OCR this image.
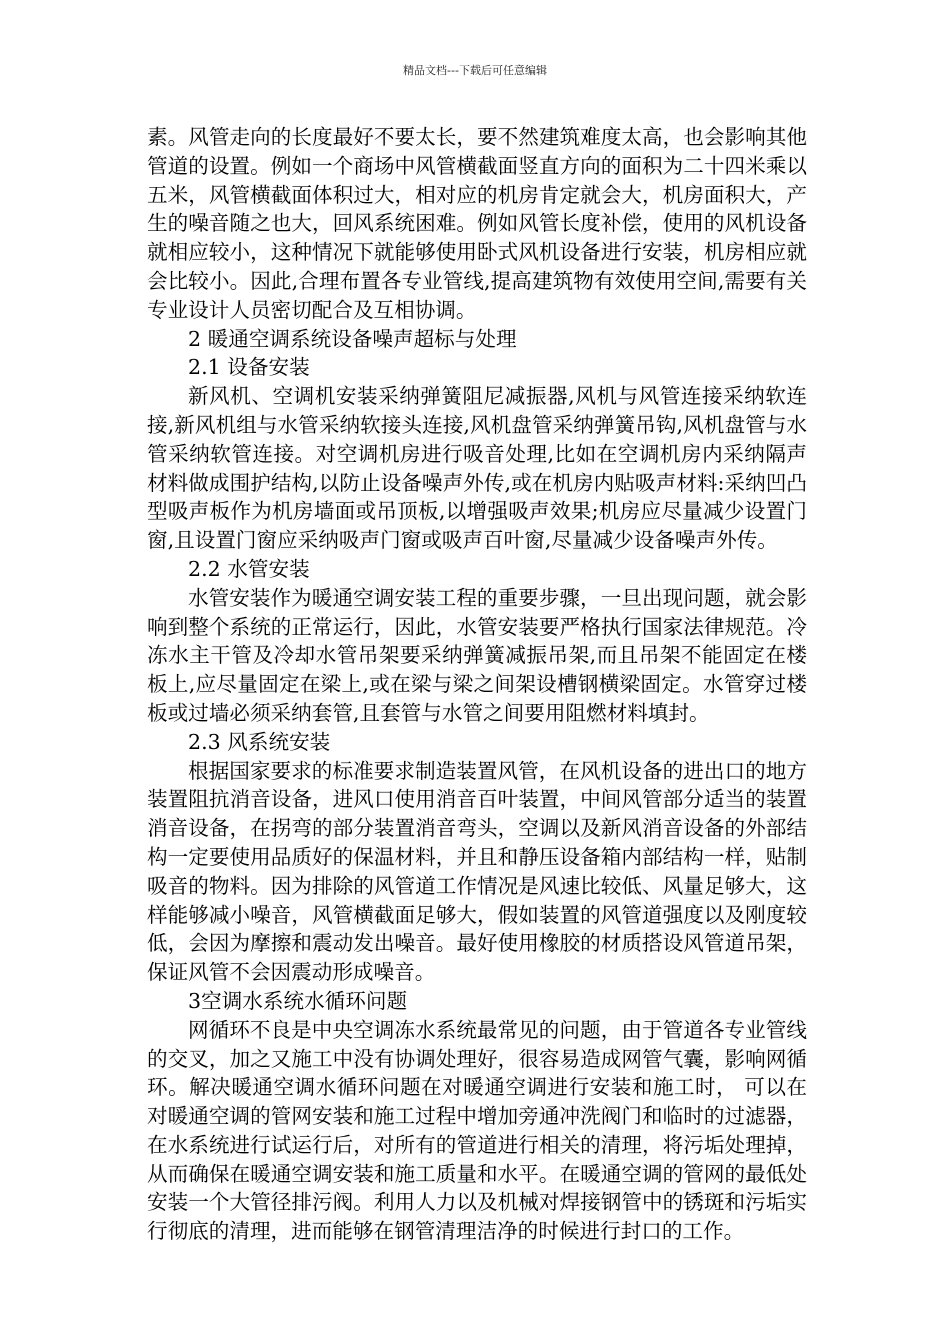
精品文档---下载后可任意编辑

素。风管走向的长度最好不要太长，要不然建筑难度太高，也会影响其他管道的设置。例如一个商场中风管横截面竖直方向的面积为二十四米乘以五米，风管横截面体积过大，相对应的机房肯定就会大，机房面积大，产生的噪音随之也大，回风系统困难。例如风管长度补偿，使用的风机设备就相应较小，这种情况下就能够使用卧式风机设备进行安装，机房相应就会比较小。因此,合理布置各专业管线,提高建筑物有效使用空间,需要有关专业设计人员密切配合及互相协调。

2 暖通空调系统设备噪声超标与处理

2.1 设备安装

新风机、空调机安装采纳弹簧阻尼减振器,风机与风管连接采纳软连接,新风机组与水管采纳软接头连接,风机盘管采纳弹簧吊钩,风机盘管与水管采纳软管连接。对空调机房进行吸音处理,比如在空调机房内采纳隔声材料做成围护结构,以防止设备噪声外传,或在机房内贴吸声材料:采纳凹凸型吸声板作为机房墙面或吊顶板,以增强吸声效果;机房应尽量减少设置门窗,且设置门窗应采纳吸声门窗或吸声百叶窗,尽量减少设备噪声外传。

2.2 水管安装

水管安装作为暖通空调安装工程的重要步骤，一旦出现问题，就会影响到整个系统的正常运行，因此，水管安装要严格执行国家法律规范。冷冻水主干管及冷却水管吊架要采纳弹簧减振吊架,而且吊架不能固定在楼板上,应尽量固定在梁上,或在梁与梁之间架设槽钢横梁固定。水管穿过楼板或过墙必须采纳套管,且套管与水管之间要用阻燃材料填封。

2.3 风系统安装

根据国家要求的标准要求制造装置风管，在风机设备的进出口的地方装置阻抗消音设备，进风口使用消音百叶装置，中间风管部分适当的装置消音设备，在拐弯的部分装置消音弯头，空调以及新风消音设备的外部结构一定要使用品质好的保温材料，并且和静压设备箱内部结构一样，贴制吸音的物料。因为排除的风管道工作情况是风速比较低、风量足够大，这样能够减小噪音，风管横截面足够大，假如装置的风管道强度以及刚度较低，会因为摩擦和震动发出噪音。最好使用橡胶的材质搭设风管道吊架，保证风管不会因震动形成噪音。

3空调水系统水循环问题

网循环不良是中央空调冻水系统最常见的问题，由于管道各专业管线的交叉，加之又施工中没有协调处理好，很容易造成网管气囊，影响网循环。解决暖通空调水循环问题在对暖通空调进行安装和施工时， 可以在对暖通空调的管网安装和施工过程中增加旁通冲洗阀门和临时的过滤器，在水系统进行试运行后，对所有的管道进行相关的清理，将污垢处理掉，从而确保在暖通空调安装和施工质量和水平。在暖通空调的管网的最低处安装一个大管径排污阀。利用人力以及机械对焊接钢管中的锈斑和污垢实行彻底的清理，进而能够在钢管清理洁净的时候进行封口的工作。
